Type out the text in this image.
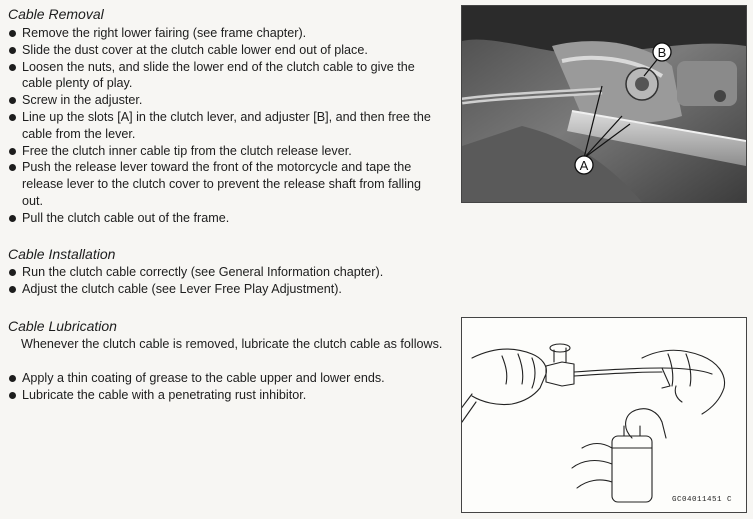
Cable Removal
Remove the right lower fairing (see frame chapter).
Slide the dust cover at the clutch cable lower end out of place.
Loosen the nuts, and slide the lower end of the clutch cable to give the cable plenty of play.
Screw in the adjuster.
Line up the slots [A] in the clutch lever, and adjuster [B], and then free the cable from the lever.
Free the clutch inner cable tip from the clutch release lever.
Push the release lever toward the front of the motorcycle and tape the release lever to the clutch cover to prevent the release shaft from falling out.
Pull the clutch cable out of the frame.
Cable Installation
Run the clutch cable correctly (see General Information chapter).
Adjust the clutch cable (see Lever Free Play Adjustment).
Cable Lubrication

Whenever the clutch cable is removed, lubricate the clutch cable as follows.

Apply a thin coating of grease to the cable upper and lower ends.
Lubricate the cable with a penetrating rust inhibitor.
A
B
GC04011451 C
